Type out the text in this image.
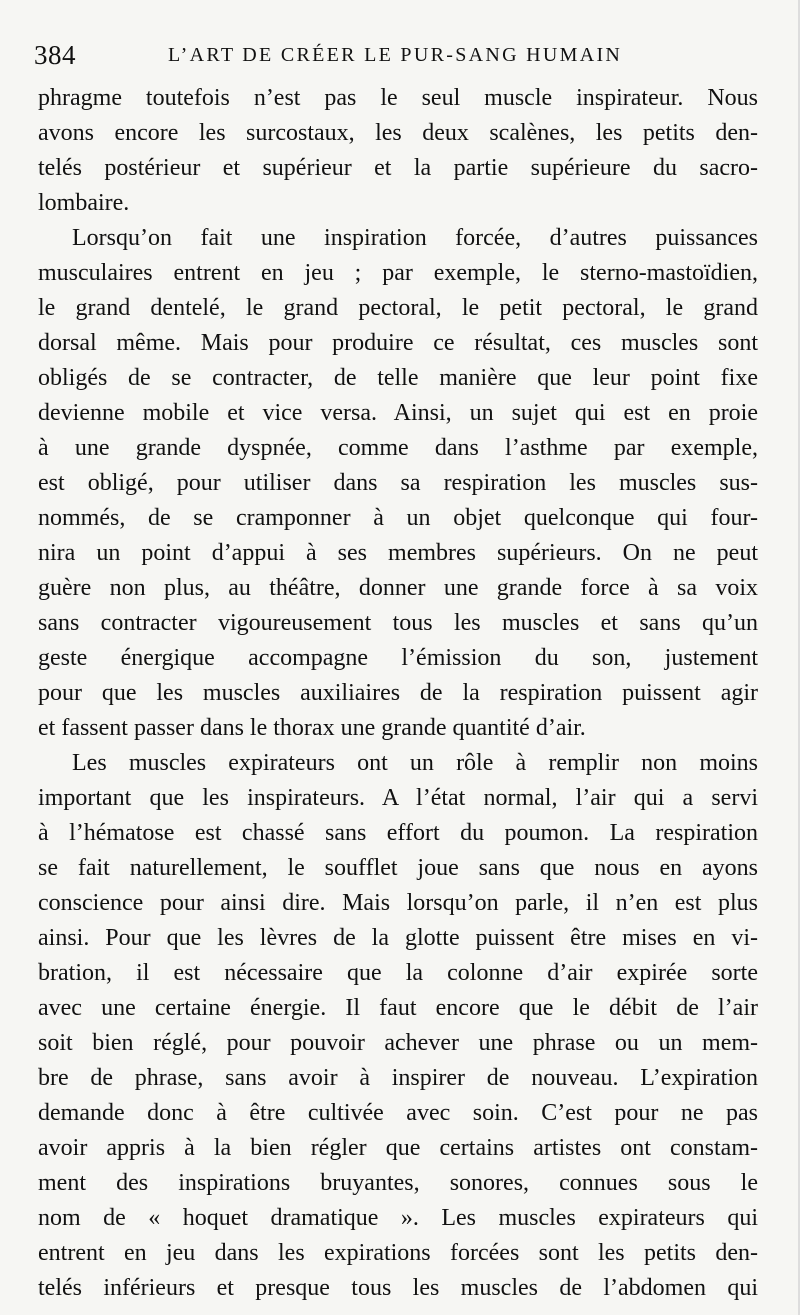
384	L’ART DE CRÉER LE PUR-SANG HUMAIN
phragme toutefois n’est pas le seul muscle inspirateur. Nous
avons encore les surcostaux, les deux scalènes, les petits den-
telés postérieur et supérieur et la partie supérieure du sacro-
lombaire.
Lorsqu’on fait une inspiration forcée, d’autres puissances
musculaires entrent en jeu ; par exemple, le sterno-mastoïdien,
le grand dentelé, le grand pectoral, le petit pectoral, le grand
dorsal même. Mais pour produire ce résultat, ces muscles sont
obligés de se contracter, de telle manière que leur point fixe
devienne mobile et vice versa. Ainsi, un sujet qui est en proie
à une grande dyspnée, comme dans l’asthme par exemple,
est obligé, pour utiliser dans sa respiration les muscles sus-
nommés, de se cramponner à un objet quelconque qui four-
nira un point d’appui à ses membres supérieurs. On ne peut
guère non plus, au théâtre, donner une grande force à sa voix
sans contracter vigoureusement tous les muscles et sans qu’un
geste énergique accompagne l’émission du son, justement
pour que les muscles auxiliaires de la respiration puissent agir
et fassent passer dans le thorax une grande quantité d’air.
Les muscles expirateurs ont un rôle à remplir non moins
important que les inspirateurs. A l’état normal, l’air qui a servi
à l’hématose est chassé sans effort du poumon. La respiration
se fait naturellement, le soufflet joue sans que nous en ayons
conscience pour ainsi dire. Mais lorsqu’on parle, il n’en est plus
ainsi. Pour que les lèvres de la glotte puissent être mises en vi-
bration, il est nécessaire que la colonne d’air expirée sorte
avec une certaine énergie. Il faut encore que le débit de l’air
soit bien réglé, pour pouvoir achever une phrase ou un mem-
bre de phrase, sans avoir à inspirer de nouveau. L’expiration
demande donc à être cultivée avec soin. C’est pour ne pas
avoir appris à la bien régler que certains artistes ont constam-
ment des inspirations bruyantes, sonores, connues sous le
nom de « hoquet dramatique ». Les muscles expirateurs qui
entrent en jeu dans les expirations forcées sont les petits den-
telés inférieurs et presque tous les muscles de l’abdomen qui
